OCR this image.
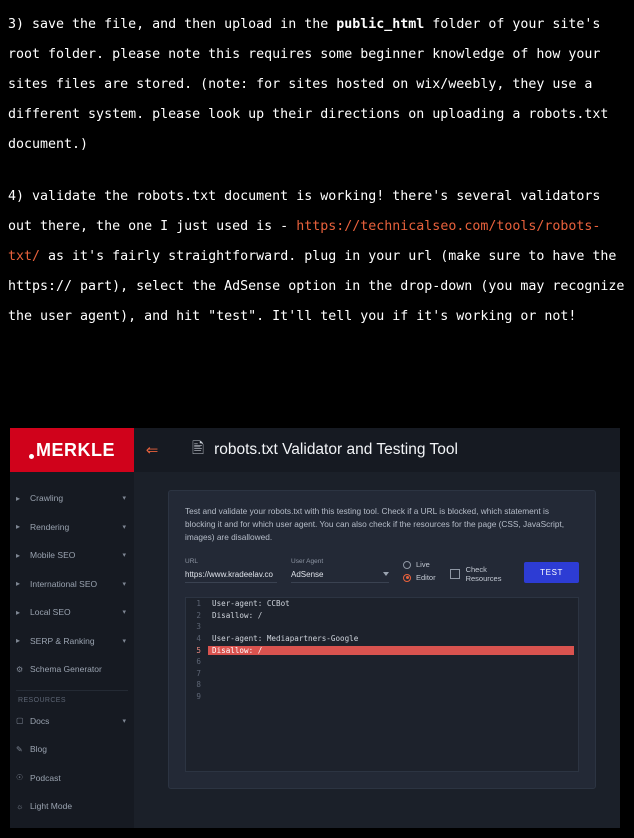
3) save the file, and then upload in the public_html folder of your site's root folder. please note this requires some beginner knowledge of how your sites files are stored. (note: for sites hosted on wix/weebly, they use a different system. please look up their directions on uploading a robots.txt document.)

4) validate the robots.txt document is working! there's several validators out there, the one I just used is - https://technicalseo.com/tools/robots-txt/ as it's fairly straightforward. plug in your url (make sure to have the https:// part), select the AdSense option in the drop-down (you may recognize the user agent), and hit "test". It'll tell you if it's working or not!

MERKLE	⇐	🖹 robots.txt Validator and Testing Tool
▸	Crawling	▾
▸	Rendering	▾
▸	Mobile SEO	▾
▸	International SEO	▾
▸	Local SEO	▾
▸	SERP & Ranking	▾
⚙ Schema Generator
RESOURCES
▢ Docs	▾
✎ Blog
☉ Podcast
☼ Light Mode
Test and validate your robots.txt with this testing tool. Check if a URL is blocked, which statement is blocking it and for which user agent. You can also check if the resources for the page (CSS, JavaScript, images) are disallowed.
URL
https://www.kradeelav.co	User Agent
AdSense
Live
Editor
Check Resources
TEST
1	User-agent: CCBot
2	Disallow: /
3
4	User-agent: Mediapartners-Google
5	Disallow: /
6
7
8
9
